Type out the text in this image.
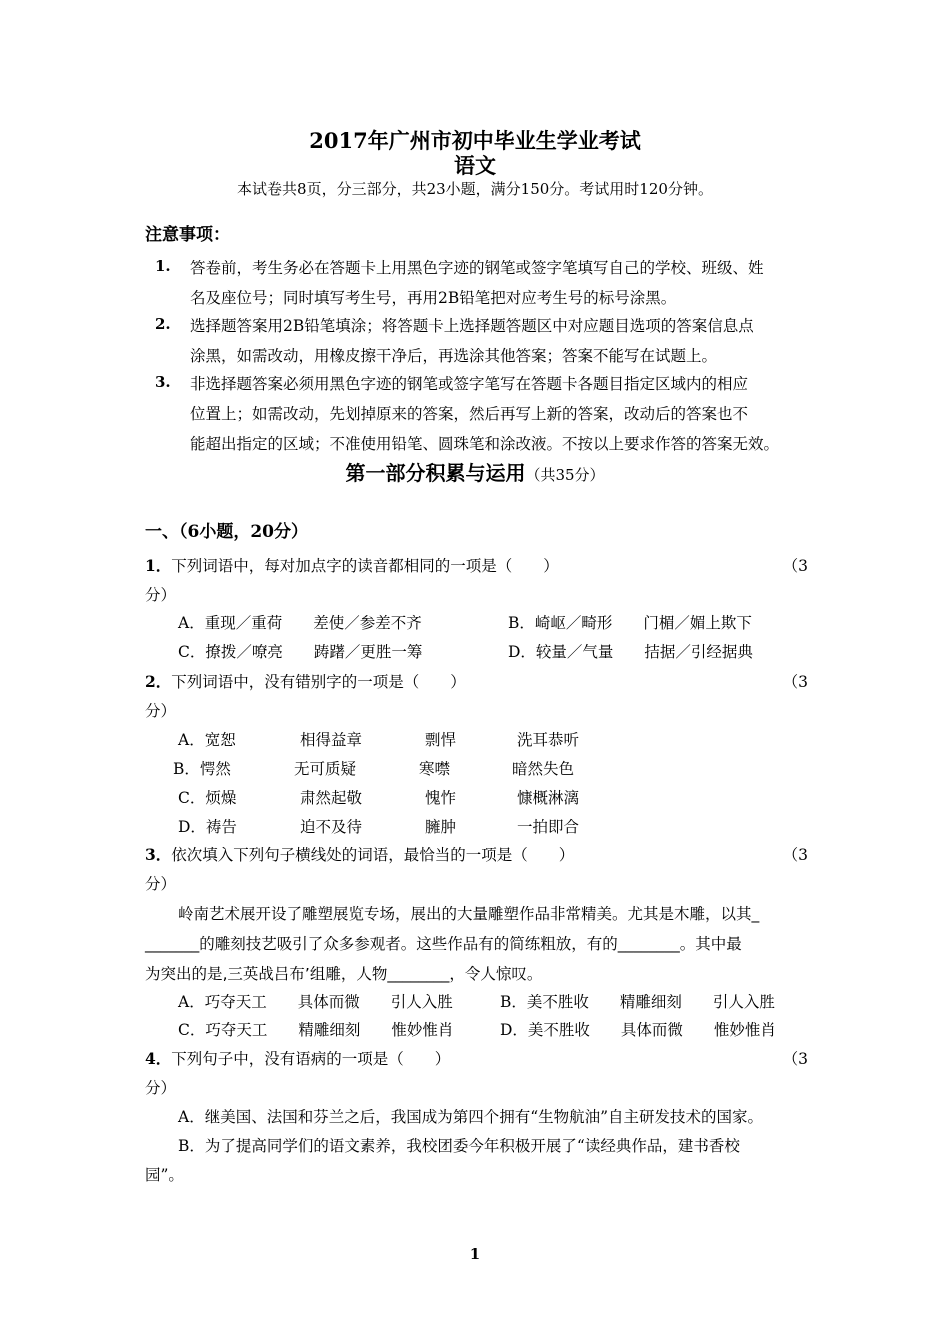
2017年广州市初中毕业生学业考试
语文
本试卷共8页，分三部分，共23小题，满分150分。考试用时120分钟。
注意事项：
1. 答卷前，考生务必在答题卡上用黑色字迹的钢笔或签字笔填写自己的学校、班级、姓
名及座位号；同时填写考生号，再用2B铅笔把对应考生号的标号涂黑。
2. 选择题答案用2B铅笔填涂；将答题卡上选择题答题区中对应题目选项的答案信息点
涂黑，如需改动，用橡皮擦干净后，再选涂其他答案；答案不能写在试题上。
3. 非选择题答案必须用黑色字迹的钢笔或签字笔写在答题卡各题目指定区域内的相应
位置上；如需改动，先划掉原来的答案，然后再写上新的答案，改动后的答案也不
能超出指定的区域；不准使用铅笔、圆珠笔和涂改液。不按以上要求作答的答案无效。
第一部分积累与运用（共35分）
一、（6小题，20分）
1．下列词语中，每对加点字的读音都相同的一项是（　　）	（3
分）
A．重现／重荷　　差使／参差不齐	B．崎岖／畸形　　门楣／媚上欺下
C．撩拨／嘹亮　　踌躇／更胜一筹	D．较量／气量　　拮据／引经据典
2．下列词语中，没有错别字的一项是（　　）	（3
分）
A．宽恕	相得益章	剽悍	洗耳恭听
B．愕然	无可质疑	寒噤	暗然失色
C．烦燥	肃然起敬	愧怍	慷概淋漓
D．祷告	迫不及待	臃肿	一拍即合
3．依次填入下列句子横线处的词语，最恰当的一项是（　　）	（3
分）
岭南艺术展开设了雕塑展览专场，展出的大量雕塑作品非常精美。尤其是木雕，以其_
_______的雕刻技艺吸引了众多参观者。这些作品有的简练粗放，有的________。其中最
为突出的是‚三英战吕布’组雕，人物________，令人惊叹。
A．巧夺天工　　具体而微　　引人入胜	B．美不胜收　　精雕细刻　　引人入胜
C．巧夺天工　　精雕细刻　　惟妙惟肖	D．美不胜收　　具体而微　　惟妙惟肖
4．下列句子中，没有语病的一项是（　　）	（3
分）
A．继美国、法国和芬兰之后，我国成为第四个拥有“生物航油”自主研发技术的国家。
B．为了提高同学们的语文素养，我校团委今年积极开展了“读经典作品，建书香校
园”。
1
